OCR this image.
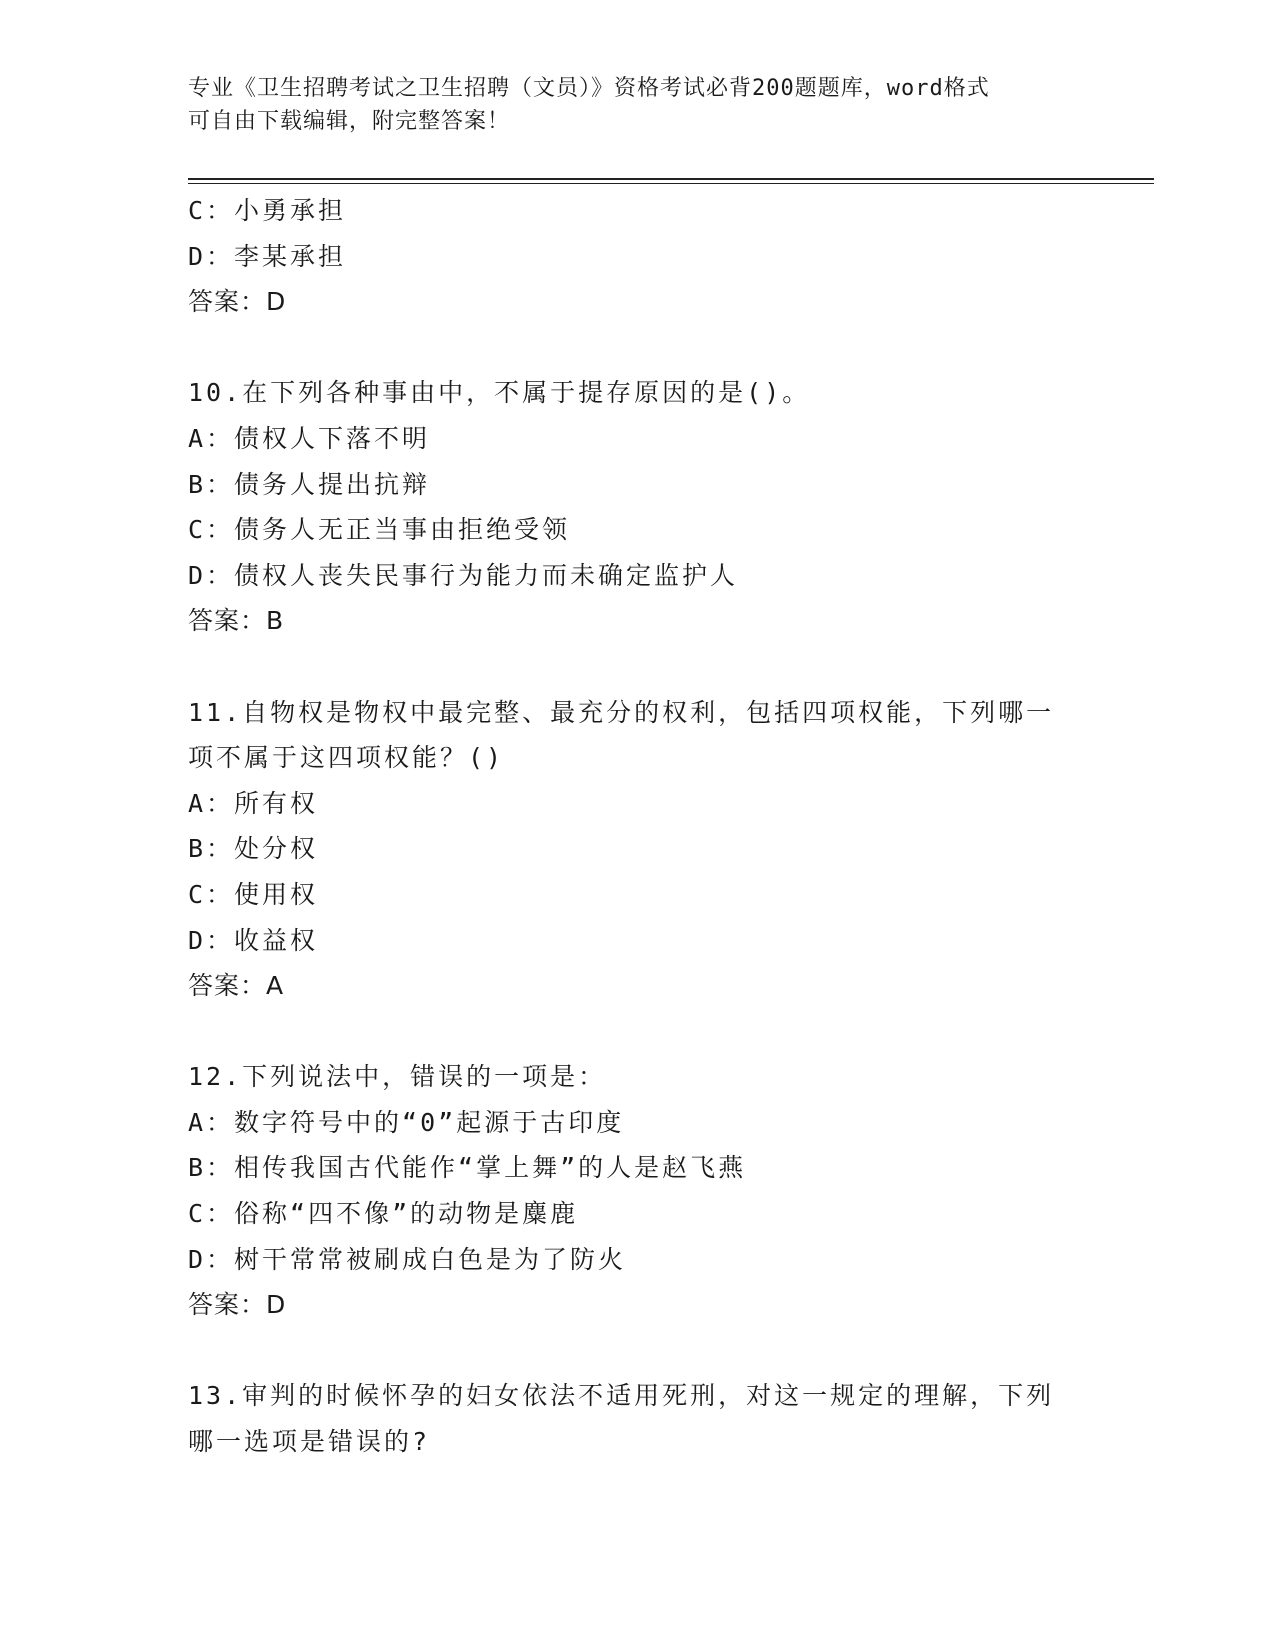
专业《卫生招聘考试之卫生招聘（文员）》资格考试必背200题题库，word格式
可自由下载编辑，附完整答案！
C：小勇承担
D：李某承担
答案：D
10.在下列各种事由中，不属于提存原因的是()。
A：债权人下落不明
B：债务人提出抗辩
C：债务人无正当事由拒绝受领
D：债权人丧失民事行为能力而未确定监护人
答案：B
11.自物权是物权中最完整、最充分的权利，包括四项权能，下列哪一
项不属于这四项权能？()
A：所有权
B：处分权
C：使用权
D：收益权
答案：A
12.下列说法中，错误的一项是：
A：数字符号中的“0”起源于古印度
B：相传我国古代能作“掌上舞”的人是赵飞燕
C：俗称“四不像”的动物是麋鹿
D：树干常常被刷成白色是为了防火
答案：D
13.审判的时候怀孕的妇女依法不适用死刑，对这一规定的理解，下列
哪一选项是错误的?
